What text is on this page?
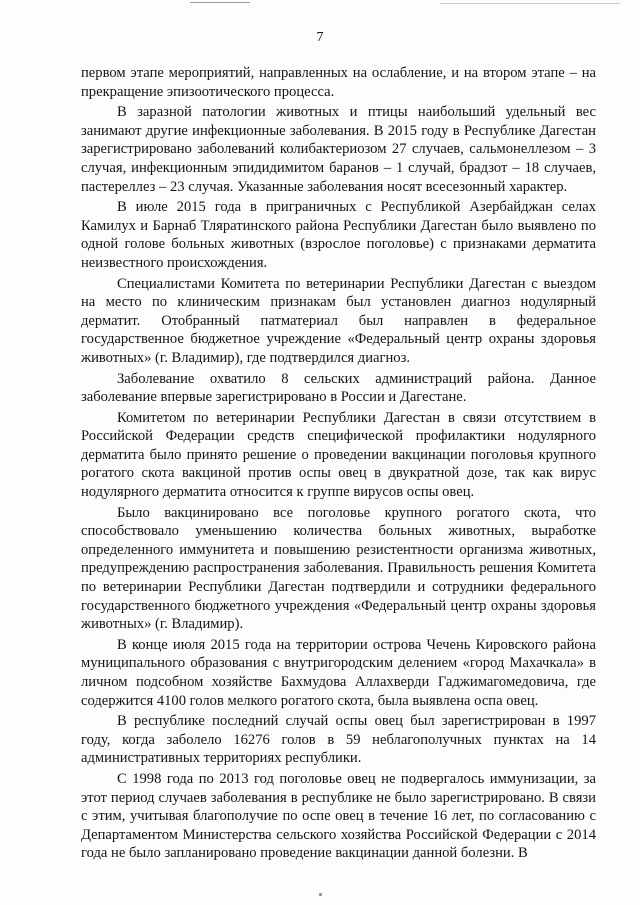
7

первом этапе мероприятий, направленных на ослабление, и на втором этапе – на прекращение эпизоотического процесса.

В заразной патологии животных и птицы наибольший удельный вес занимают другие инфекционные заболевания. В 2015 году в Республике Дагестан зарегистрировано заболеваний колибактериозом 27 случаев, сальмонеллезом – 3 случая, инфекционным эпидидимитом баранов – 1 случай, брадзот – 18 случаев, пастереллез – 23 случая. Указанные заболевания носят всесезонный характер.

В июле 2015 года в приграничных с Республикой Азербайджан селах Камилух и Барнаб Тляратинского района Республики Дагестан было выявлено по одной голове больных животных (взрослое поголовье) с признаками дерматита неизвестного происхождения.

Специалистами Комитета по ветеринарии Республики Дагестан с выездом на место по клиническим признакам был установлен диагноз нодулярный дерматит. Отобранный патматериал был направлен в федеральное государственное бюджетное учреждение «Федеральный центр охраны здоровья животных» (г. Владимир), где подтвердился диагноз.

Заболевание охватило 8 сельских администраций района. Данное заболевание впервые зарегистрировано в России и Дагестане.

Комитетом по ветеринарии Республики Дагестан в связи отсутствием в Российской Федерации средств специфической профилактики нодулярного дерматита было принято решение о проведении вакцинации поголовья крупного рогатого скота вакциной против оспы овец в двукратной дозе, так как вирус нодулярного дерматита относится к группе вирусов оспы овец.

Было вакцинировано все поголовье крупного рогатого скота, что способствовало уменьшению количества больных животных, выработке определенного иммунитета и повышению резистентности организма животных, предупреждению распространения заболевания. Правильность решения Комитета по ветеринарии Республики Дагестан подтвердили и сотрудники федерального государственного бюджетного учреждения «Федеральный центр охраны здоровья животных» (г. Владимир).

В конце июля 2015 года на территории острова Чечень Кировского района муниципального образования с внутригородским делением «город Махачкала» в личном подсобном хозяйстве Бахмудова Аллахверди Гаджимагомедовича, где содержится 4100 голов мелкого рогатого скота, была выявлена оспа овец.

В республике последний случай оспы овец был зарегистрирован в 1997 году, когда заболело 16276 голов в 59 неблагополучных пунктах на 14 административных территориях республики.

С 1998 года по 2013 год поголовье овец не подвергалось иммунизации, за этот период случаев заболевания в республике не было зарегистрировано. В связи с этим, учитывая благополучие по оспе овец в течение 16 лет, по согласованию с Департаментом Министерства сельского хозяйства Российской Федерации с 2014 года не было запланировано проведение вакцинации данной болезни. В
